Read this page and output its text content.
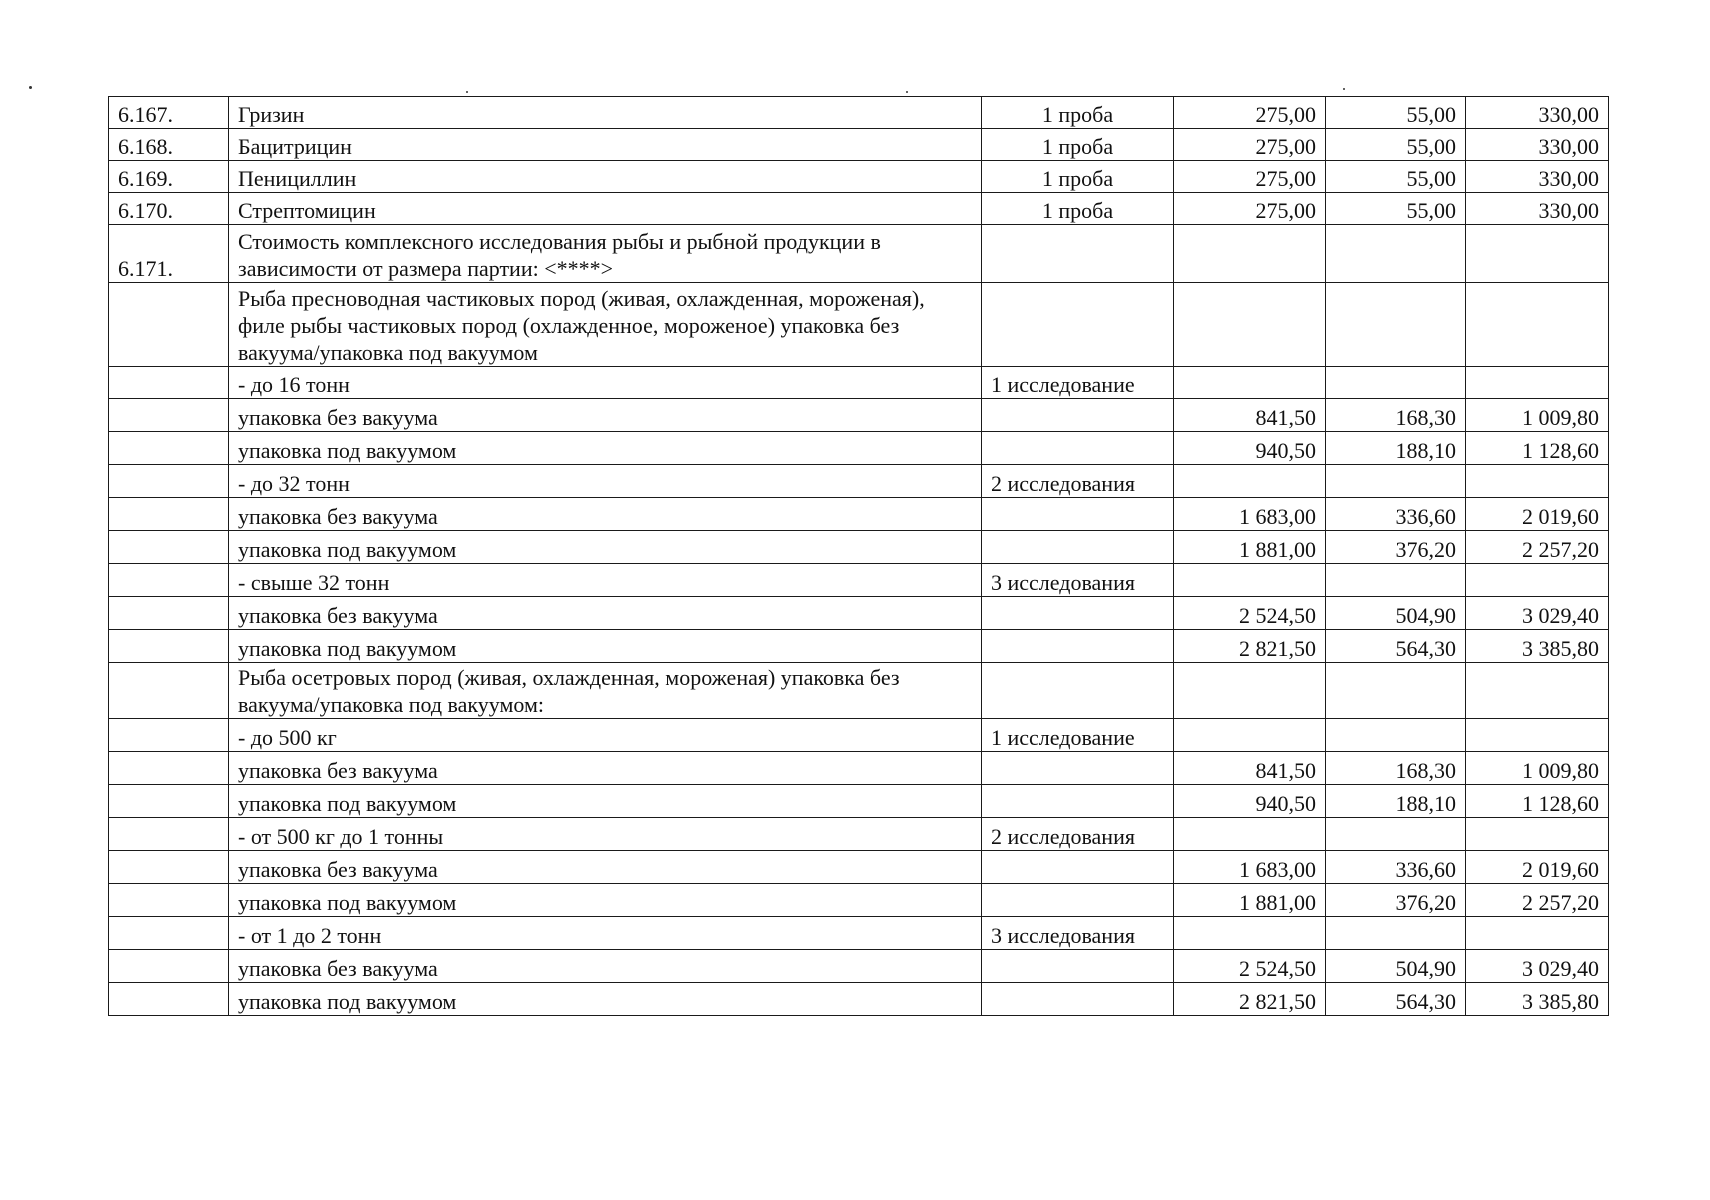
6.167.	Гризин	1 проба	275,00	55,00	330,00
6.168.	Бацитрицин	1 проба	275,00	55,00	330,00
6.169.	Пенициллин	1 проба	275,00	55,00	330,00
6.170.	Стрептомицин	1 проба	275,00	55,00	330,00
6.171.	Стоимость комплексного исследования рыбы и рыбной продукции в зависимости от размера партии: <****>				
	Рыба пресноводная частиковых пород (живая, охлажденная, мороженая), филе рыбы частиковых пород (охлажденное, мороженое) упаковка без вакуума/упаковка под вакуумом				
	- до 16 тонн	1 исследование			
	упаковка без вакуума		841,50	168,30	1 009,80
	упаковка под вакуумом		940,50	188,10	1 128,60
	- до 32 тонн	2 исследования			
	упаковка без вакуума		1 683,00	336,60	2 019,60
	упаковка под вакуумом		1 881,00	376,20	2 257,20
	- свыше 32 тонн	3 исследования			
	упаковка без вакуума		2 524,50	504,90	3 029,40
	упаковка под вакуумом		2 821,50	564,30	3 385,80
	Рыба осетровых пород (живая, охлажденная, мороженая) упаковка без вакуума/упаковка под вакуумом:				
	- до 500 кг	1 исследование			
	упаковка без вакуума		841,50	168,30	1 009,80
	упаковка под вакуумом		940,50	188,10	1 128,60
	- от 500 кг до 1 тонны	2 исследования			
	упаковка без вакуума		1 683,00	336,60	2 019,60
	упаковка под вакуумом		1 881,00	376,20	2 257,20
	- от 1 до 2 тонн	3 исследования			
	упаковка без вакуума		2 524,50	504,90	3 029,40
	упаковка под вакуумом		2 821,50	564,30	3 385,80
